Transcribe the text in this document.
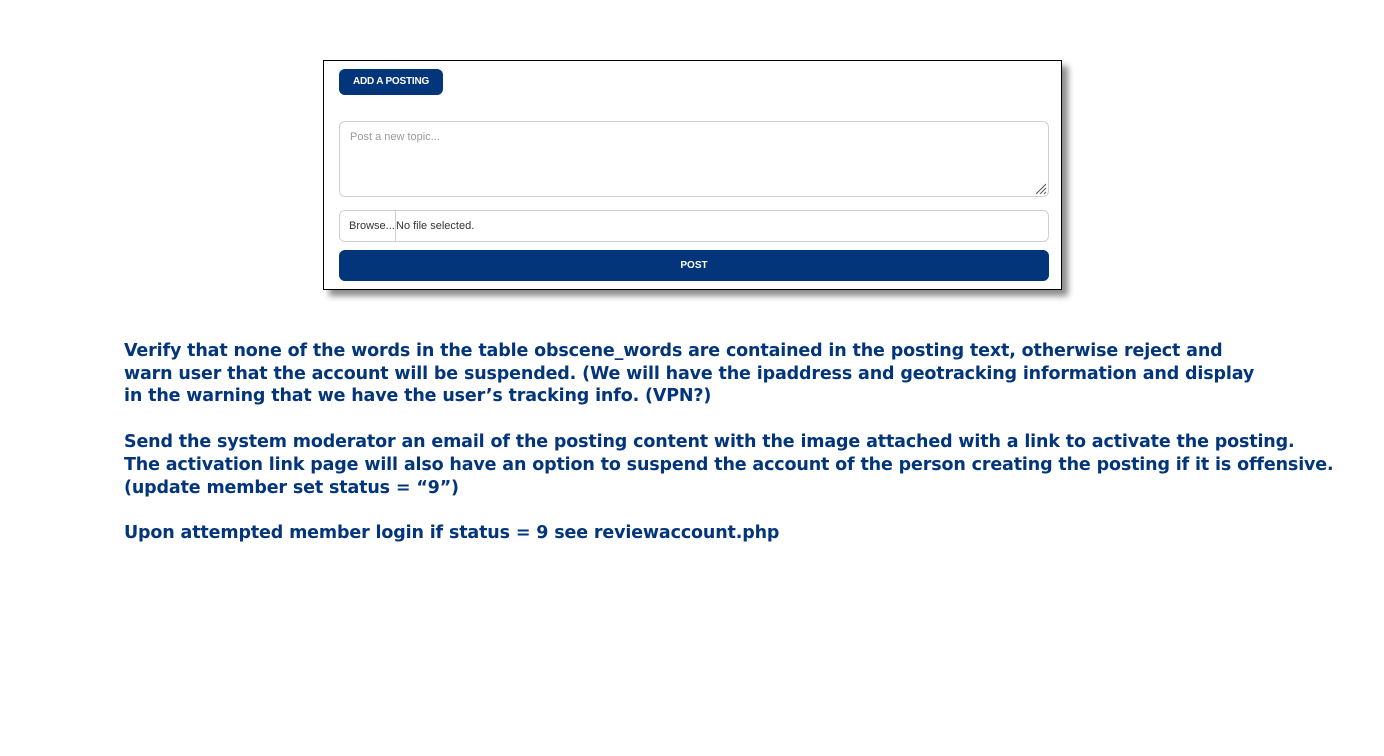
ADD A POSTING
Post a new topic...
Browse... No file selected.
POST
Verify that none of the words in the table obscene_words are contained in the posting text, otherwise reject and
warn user that the account will be suspended. (We will have the ipaddress and geotracking information and display
in the warning that we have the user’s tracking info. (VPN?)
Send the system moderator an email of the posting content with the image attached with a link to activate the posting.
The activation link page will also have an option to suspend the account of the person creating the posting if it is offensive.
(update member set status = “9”)
Upon attempted member login if status = 9 see reviewaccount.php
